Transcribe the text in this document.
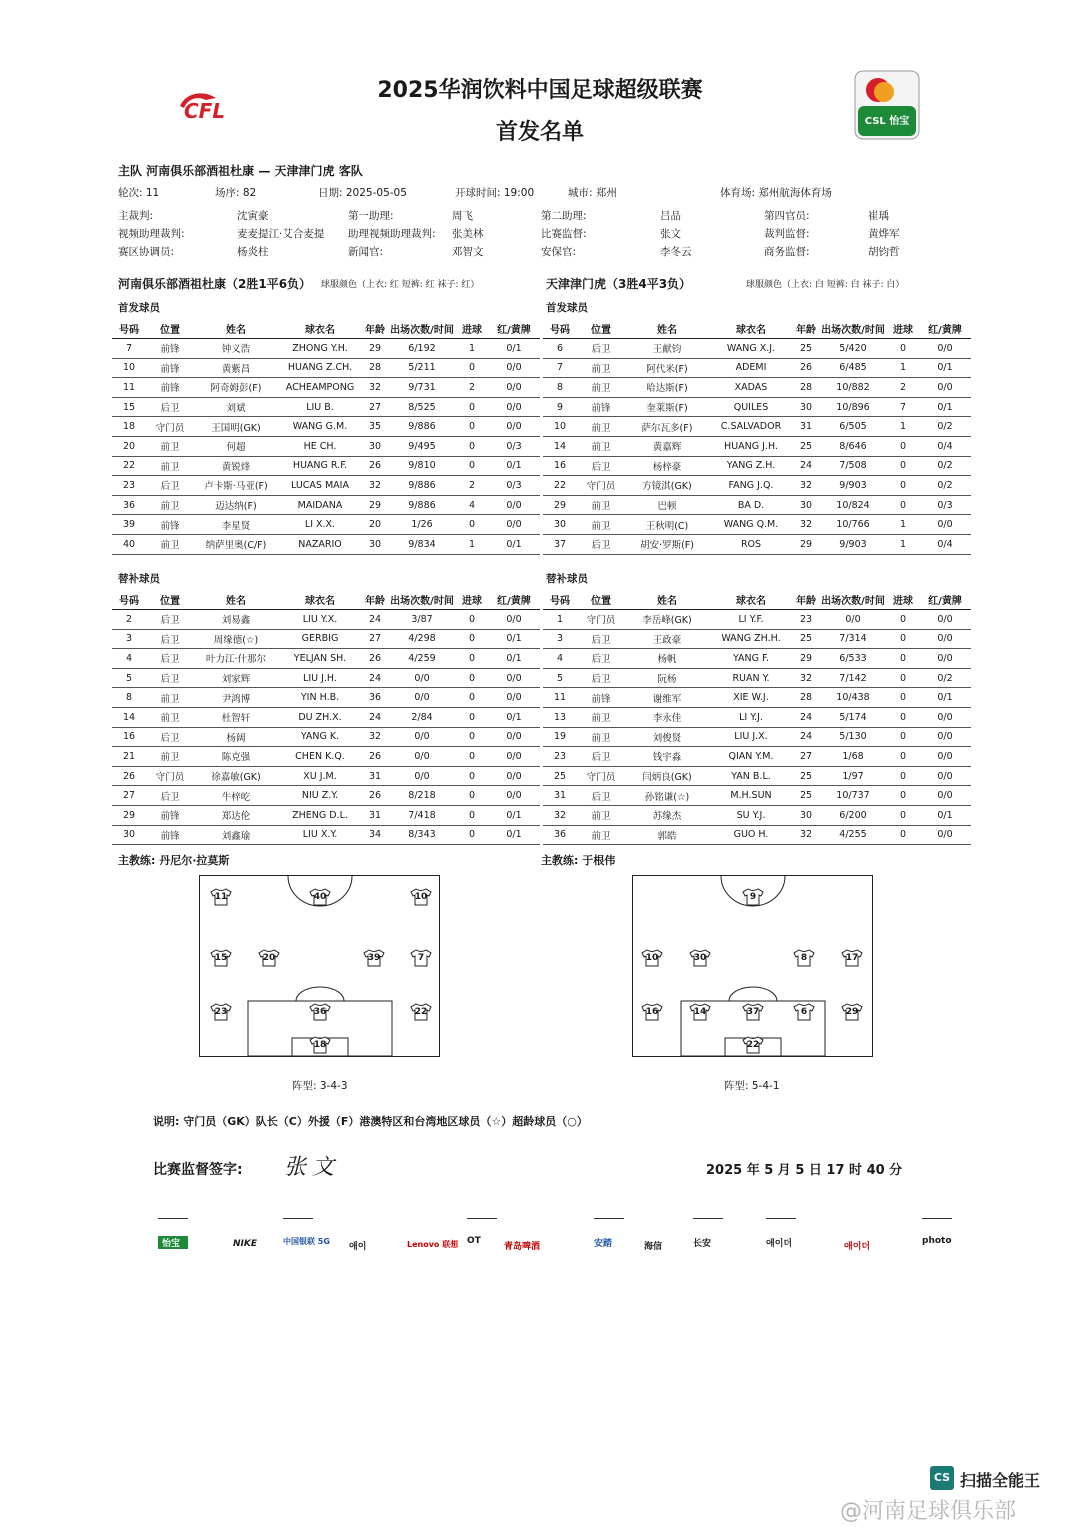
CFL
2025华润饮料中国足球超级联赛
首发名单	CSL 怡宝
主队 河南俱乐部酒祖杜康 — 天津津门虎 客队
轮次: 11	场序: 82	日期: 2025-05-05	开球时间: 19:00	城市: 郑州	体育场: 郑州航海体育场
主裁判:	沈寅豪	第一助理:	周飞	第二助理:	吕品	第四官员:	崔瑀
视频助理裁判:	麦麦提江·艾合麦提 助理视频助理裁判: 张美林	比赛监督:	张文	裁判监督:	黄烨军
赛区协调员:	杨炎柱	新闻官:	邓智文	安保官:	李冬云	商务监督:	胡钧哲
河南俱乐部酒祖杜康（2胜1平6负） 球服颜色（上衣: 红 短裤: 红 袜子: 红）	天津津门虎（3胜4平3负）	球服颜色（上衣: 白 短裤: 白 袜子: 白）
首发球员	首发球员
号码	位置	姓名	球衣名	年龄	出场次数/时间	进球	红/黄牌
7	前锋	钟义浩	ZHONG Y.H.	29	6/192	1	0/1
10	前锋	黄紫昌	HUANG Z.CH.	28	5/211	0	0/0
11	前锋	阿奇姆彭(F)	ACHEAMPONG	32	9/731	2	0/0
15	后卫	刘斌	LIU B.	27	8/525	0	0/0
18	守门员	王国明(GK)	WANG G.M.	35	9/886	0	0/0
20	前卫	何超	HE CH.	30	9/495	0	0/3
22	前卫	黄锐烽	HUANG R.F.	26	9/810	0	0/1
23	后卫	卢卡斯·马亚(F)	LUCAS MAIA	32	9/886	2	0/3
36	前卫	迈达纳(F)	MAIDANA	29	9/886	4	0/0
39	前锋	李星贤	LI X.X.	20	1/26	0	0/0
40	前卫	纳萨里奥(C/F)	NAZARIO	30	9/834	1	0/1
号码	位置	姓名	球衣名	年龄	出场次数/时间	进球	红/黄牌
6	后卫	王献钧	WANG X.J.	25	5/420	0	0/0
7	前卫	阿代米(F)	ADEMI	26	6/485	1	0/1
8	前卫	哈达斯(F)	XADAS	28	10/882	2	0/0
9	前锋	奎莱斯(F)	QUILES	30	10/896	7	0/1
10	前卫	萨尔瓦多(F)	C.SALVADOR	31	6/505	1	0/2
14	前卫	黄嘉辉	HUANG J.H.	25	8/646	0	0/4
16	后卫	杨梓豪	YANG Z.H.	24	7/508	0	0/2
22	守门员	方镜淇(GK)	FANG J.Q.	32	9/903	0	0/2
29	前卫	巴顿	BA D.	30	10/824	0	0/3
30	前卫	王秋明(C)	WANG Q.M.	32	10/766	1	0/0
37	后卫	胡安·罗斯(F)	ROS	29	9/903	1	0/4
替补球员	替补球员
号码	位置	姓名	球衣名	年龄	出场次数/时间	进球	红/黄牌
2	后卫	刘易鑫	LIU Y.X.	24	3/87	0	0/0
3	后卫	周缘德(☆)	GERBIG	27	4/298	0	0/1
4	后卫	叶力江·什那尔	YELJAN SH.	26	4/259	0	0/1
5	后卫	刘家辉	LIU J.H.	24	0/0	0	0/0
8	前卫	尹鸿博	YIN H.B.	36	0/0	0	0/0
14	前卫	杜智轩	DU ZH.X.	24	2/84	0	0/1
16	后卫	杨阔	YANG K.	32	0/0	0	0/0
21	前卫	陈克强	CHEN K.Q.	26	0/0	0	0/0
26	守门员	徐嘉敏(GK)	XU J.M.	31	0/0	0	0/0
27	后卫	牛梓屹	NIU Z.Y.	26	8/218	0	0/0
29	前锋	郑达伦	ZHENG D.L.	31	7/418	0	0/1
30	前锋	刘鑫瑜	LIU X.Y.	34	8/343	0	0/1
号码	位置	姓名	球衣名	年龄	出场次数/时间	进球	红/黄牌
1	守门员	李岳峰(GK)	LI Y.F.	23	0/0	0	0/0
3	后卫	王政豪	WANG ZH.H.	25	7/314	0	0/0
4	后卫	杨帆	YANG F.	29	6/533	0	0/0
5	后卫	阮杨	RUAN Y.	32	7/142	0	0/2
11	前锋	谢维军	XIE W.J.	28	10/438	0	0/1
13	前卫	李永佳	LI Y.J.	24	5/174	0	0/0
19	前卫	刘俊贤	LIU J.X.	24	5/130	0	0/0
23	后卫	钱宇淼	QIAN Y.M.	27	1/68	0	0/0
25	守门员	闫炳良(GK)	YAN B.L.	25	1/97	0	0/0
31	后卫	孙铭谦(☆)	M.H.SUN	25	10/737	0	0/0
32	前卫	苏缘杰	SU Y.J.	30	6/200	0	0/1
36	前卫	郭皓	GUO H.	32	4/255	0	0/0
主教练: 丹尼尔·拉莫斯	主教练: 于根伟
11	40	10
15	20	39	7
23	36	22
18
9
10	30	8	17
16	14	37	6	29
22
阵型: 3-4-3	阵型: 5-4-1
说明: 守门员（GK）队长（C）外援（F）港澳特区和台湾地区球员（☆）超龄球员（○）
比赛监督签字: 张文	2025 年 5 月 5 日 17 时 40 分

怡宝	NIKE
	中国银联 5G
애이	Lenovo 联想
OT
青岛啤酒
	安踏	海信
	长安
	애이더	애이더

photo
CS 扫描全能王
@河南足球俱乐部
